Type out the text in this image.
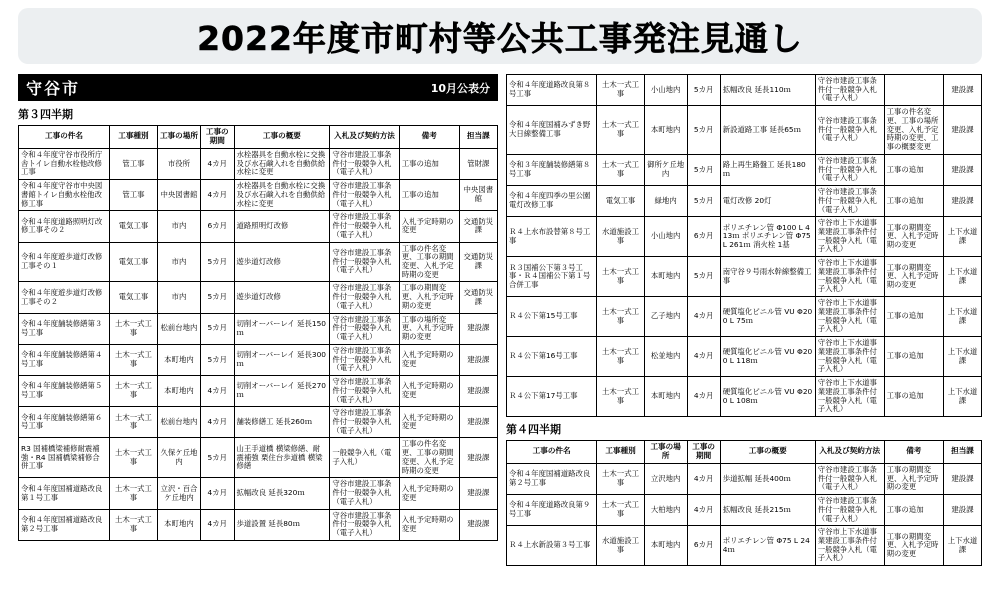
2022年度市町村等公共工事発注見通し
守谷市	10月公表分
第３四半期
工事の件名	工事種別	工事の場所	工事の期間	工事の概要	入札及び契約方法	備考	担当課
令和４年度守谷市役所庁舎トイレ自動水栓他改修工事	管工事	市役所	4カ月	水栓器具を自動水栓に交換及び水石鹸入れを自動供給水栓に変更	守谷市建設工事条件付一般競争入札（電子入札）	工事の追加	管財課
令和４年度守谷市中央図書館トイレ自動水栓他改修工事	管工事	中央図書館	4カ月	水栓器具を自動水栓に交換及び水石鹸入れを自動供給水栓に変更	守谷市建設工事条件付一般競争入札（電子入札）	工事の追加	中央図書館
令和４年度道路照明灯改修工事その２	電気工事	市内	6カ月	道路照明灯改修	守谷市建設工事条件付一般競争入札（電子入札）	入札予定時期の変更	交通防災課
令和４年度遊歩道灯改修工事その１	電気工事	市内	5カ月	遊歩道灯改修	守谷市建設工事条件付一般競争入札（電子入札）	工事の件名変更、工事の期間変更、入札予定時期の変更	交通防災課
令和４年度遊歩道灯改修工事その２	電気工事	市内	5カ月	遊歩道灯改修	守谷市建設工事条件付一般競争入札（電子入札）	工事の期間変更、入札予定時期の変更	交通防災課
令和４年度舗装修繕第３号工事	土木一式工事	松前台地内	5カ月	切削オーバーレイ 延長150ｍ	守谷市建設工事条件付一般競争入札（電子入札）	工事の場所変更、入札予定時期の変更	建設課
令和４年度舗装修繕第４号工事	土木一式工事	本町地内	5カ月	切削オーバーレイ 延長300ｍ	守谷市建設工事条件付一般競争入札（電子入札）	入札予定時期の変更	建設課
令和４年度舗装修繕第５号工事	土木一式工事	本町地内	4カ月	切削オーバーレイ 延長270ｍ	守谷市建設工事条件付一般競争入札（電子入札）	入札予定時期の変更	建設課
令和４年度舗装修繕第６号工事	土木一式工事	松前台地内	4カ月	舗装修繕工 延長260ｍ	守谷市建設工事条件付一般競争入札（電子入札）	入札予定時期の変更	建設課
R3 国補橋梁補修耐震補強・R4 国補橋梁補修合併工事	土木一式工事	久保ケ丘地内	5カ月	山王手道橋 横梁修繕、耐震補強 栗住台歩道橋 横梁修繕	一般競争入札（電子入札）	工事の件名変更、工事の期間変更、入札予定時期の変更	建設課
令和４年度国補道路改良第１号工事	土木一式工事	立沢・百合ケ丘地内	4カ月	拡幅改良 延長320ｍ	守谷市建設工事条件付一般競争入札（電子入札）	入札予定時期の変更	建設課
令和４年度国補道路改良第２号工事	土木一式工事	本町地内	4カ月	歩道設置 延長80ｍ	守谷市建設工事条件付一般競争入札（電子入札）	入札予定時期の変更	建設課
令和４年度道路改良第８号工事	土木一式工事	小山地内	5カ月	拡幅改良 延長110ｍ	守谷市建設工事条件付一般競争入札（電子入札）		建設課
令和４年度国補みずき野大日線整備工事	土木一式工事	本町地内	5カ月	新設道路工事 延長65ｍ	守谷市建設工事条件付一般競争入札（電子入札）	工事の件名変更、工事の場所変更、入札予定時期の変更、工事の概要変更	建設課
令和３年度舗装修繕第８号工事	土木一式工事	御所ケ丘地内	5カ月	路上再生路盤工 延長180ｍ	守谷市建設工事条件付一般競争入札（電子入札）	工事の追加	建設課
令和４年度四季の里公園電灯改修工事	電気工事	緑地内	5カ月	電灯改修 20灯	守谷市建設工事条件付一般競争入札（電子入札）	工事の追加	建設課
Ｒ４上水布設替第８号工事	水道施設工事	小山地内	6カ月	ポリエチレン管 Φ100 L 413ｍ ポリエチレン管 Φ75 L 261ｍ 消火栓 1基	守谷市上下水道事業建設工事条件付一般競争入札（電子入札）	工事の期間変更、入札予定時期の変更	上下水道課
Ｒ３国補公下第３号工事・Ｒ４国補公下第１号合併工事	土木一式工事	本町地内	5カ月	南守谷９号雨水幹線整備工事	守谷市上下水道事業建設工事条件付一般競争入札（電子入札）	工事の期間変更、入札予定時期の変更	上下水道課
Ｒ４公下第15号工事	土木一式工事	乙子地内	4カ月	硬質塩化ビニル管 VU Φ200 L 75ｍ	守谷市上下水道事業建設工事条件付一般競争入札（電子入札）	工事の追加	上下水道課
Ｒ４公下第16号工事	土木一式工事	松並地内	4カ月	硬質塩化ビニル管 VU Φ200 L 118ｍ	守谷市上下水道事業建設工事条件付一般競争入札（電子入札）	工事の追加	上下水道課
Ｒ４公下第17号工事	土木一式工事	本町地内	4カ月	硬質塩化ビニル管 VU Φ200 L 108ｍ	守谷市上下水道事業建設工事条件付一般競争入札（電子入札）	工事の追加	上下水道課
第４四半期
工事の件名	工事種別	工事の場所	工事の期間	工事の概要	入札及び契約方法	備考	担当課
令和４年度国補道路改良第２号工事	土木一式工事	立沢地内	4カ月	歩道拡幅 延長400ｍ	守谷市建設工事条件付一般競争入札（電子入札）	工事の期間変更、入札予定時期の変更	建設課
令和４年度道路改良第９号工事	土木一式工事	大柏地内	4カ月	拡幅改良 延長215ｍ	守谷市建設工事条件付一般競争入札（電子入札）	工事の追加	建設課
Ｒ４上水新設第３号工事	水道施設工事	本町地内	6カ月	ポリエチレン管 Φ75 L 244ｍ	守谷市上下水道事業建設工事条件付一般競争入札（電子入札）	工事の期間変更、入札予定時期の変更	上下水道課
